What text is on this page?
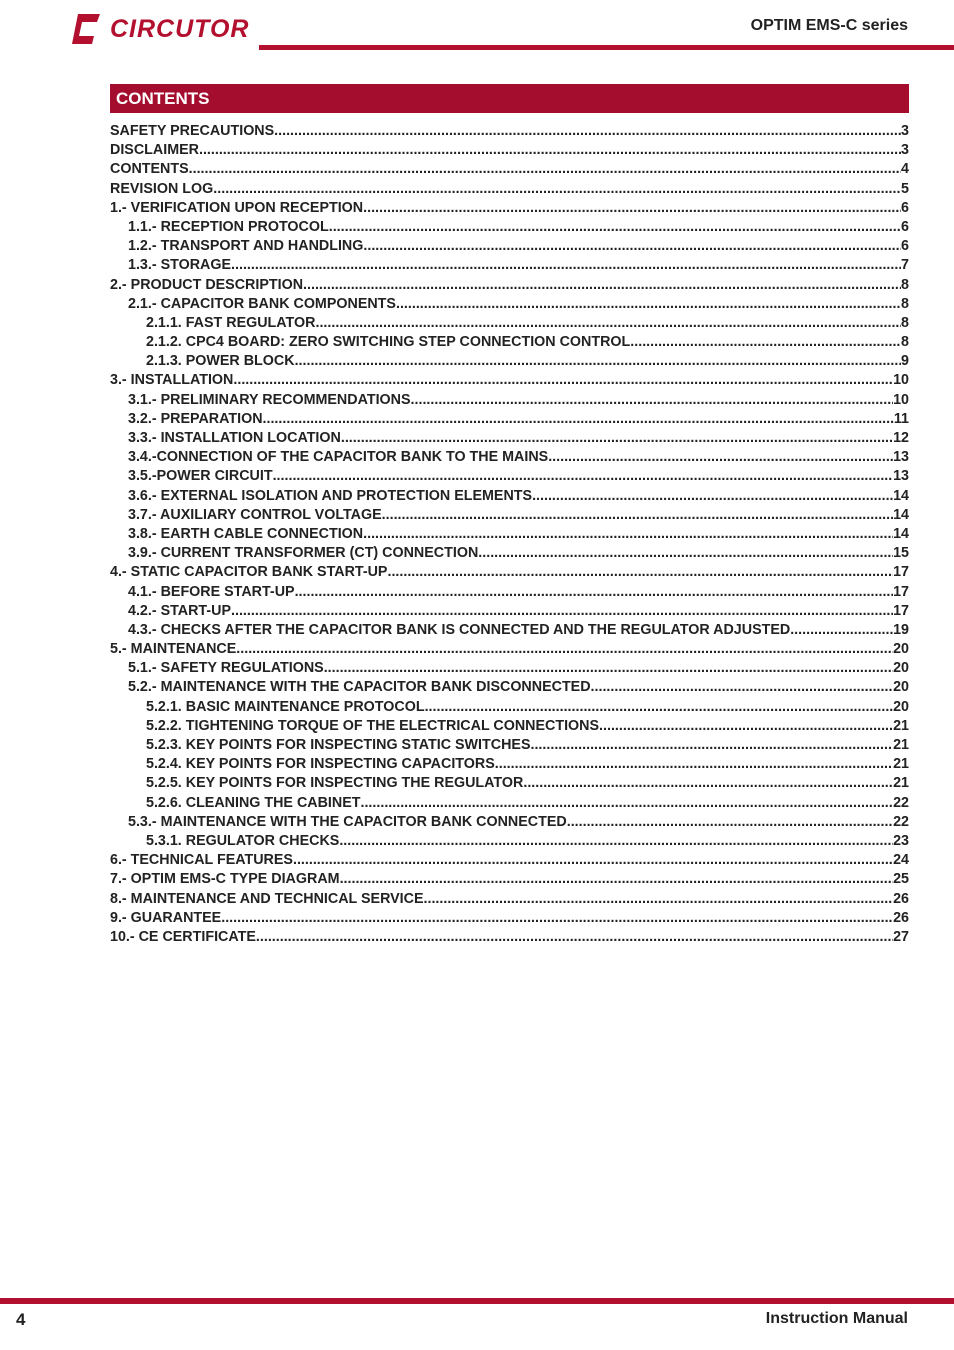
CIRCUTOR	OPTIM EMS-C series
CONTENTS
SAFETY PRECAUTIONS .....	3
DISCLAIMER .....	3
CONTENTS .....	4
REVISION LOG .....	5
1.- VERIFICATION UPON RECEPTION .....	6
1.1.- RECEPTION PROTOCOL .....	6
1.2.- TRANSPORT AND HANDLING .....	6
1.3.- STORAGE .....	7
2.- PRODUCT DESCRIPTION .....	8
2.1.- CAPACITOR BANK COMPONENTS .....	8
2.1.1. FAST REGULATOR .....	8
2.1.2. CPC4 BOARD: ZERO SWITCHING STEP CONNECTION CONTROL .....	8
2.1.3. POWER BLOCK .....	9
3.- INSTALLATION .....	10
3.1.- PRELIMINARY RECOMMENDATIONS .....	10
3.2.- PREPARATION .....	11
3.3.- INSTALLATION LOCATION .....	12
3.4.-CONNECTION OF THE CAPACITOR BANK TO THE MAINS .....	13
3.5.-POWER CIRCUIT .....	13
3.6.- EXTERNAL ISOLATION AND PROTECTION ELEMENTS .....	14
3.7.- AUXILIARY CONTROL VOLTAGE .....	14
3.8.- EARTH CABLE CONNECTION .....	14
3.9.- CURRENT TRANSFORMER (CT) CONNECTION .....	15
4.- STATIC CAPACITOR BANK START-UP .....	17
4.1.- BEFORE START-UP .....	17
4.2.- START-UP .....	17
4.3.- CHECKS AFTER THE CAPACITOR BANK IS CONNECTED AND THE REGULATOR ADJUSTED .....	19
5.- MAINTENANCE .....	20
5.1.- SAFETY REGULATIONS .....	20
5.2.- MAINTENANCE WITH THE CAPACITOR BANK DISCONNECTED .....	20
5.2.1. BASIC MAINTENANCE PROTOCOL .....	20
5.2.2. TIGHTENING TORQUE OF THE ELECTRICAL CONNECTIONS .....	21
5.2.3. KEY POINTS FOR INSPECTING STATIC SWITCHES .....	21
5.2.4. KEY POINTS FOR INSPECTING CAPACITORS .....	21
5.2.5. KEY POINTS FOR INSPECTING THE REGULATOR .....	21
5.2.6. CLEANING THE CABINET .....	22
5.3.- MAINTENANCE WITH THE CAPACITOR BANK CONNECTED .....	22
5.3.1. REGULATOR CHECKS .....	23
6.- TECHNICAL FEATURES .....	24
7.- OPTIM EMS-C TYPE DIAGRAM .....	25
8.- MAINTENANCE AND TECHNICAL SERVICE .....	26
9.- GUARANTEE .....	26
10.- CE CERTIFICATE .....	27
4	Instruction Manual
